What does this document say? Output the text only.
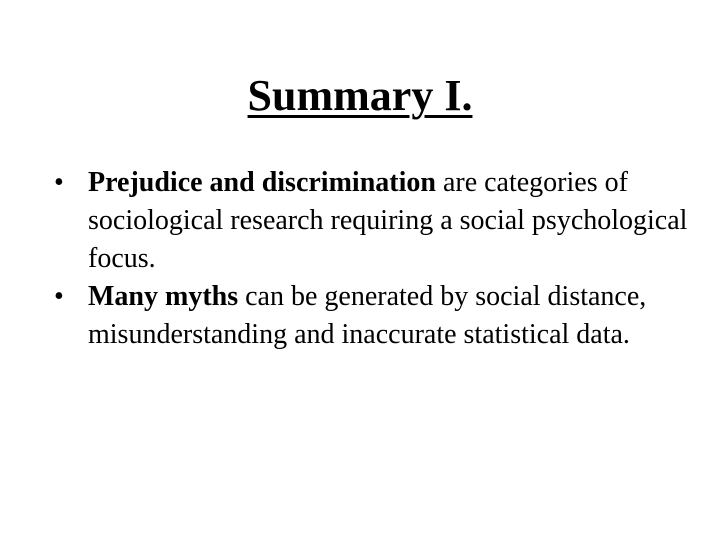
Summary I.
• Prejudice and discrimination are categories of sociological research requiring a social psychological focus.
• Many myths can be generated by social distance, misunderstanding and inaccurate statistical data.
